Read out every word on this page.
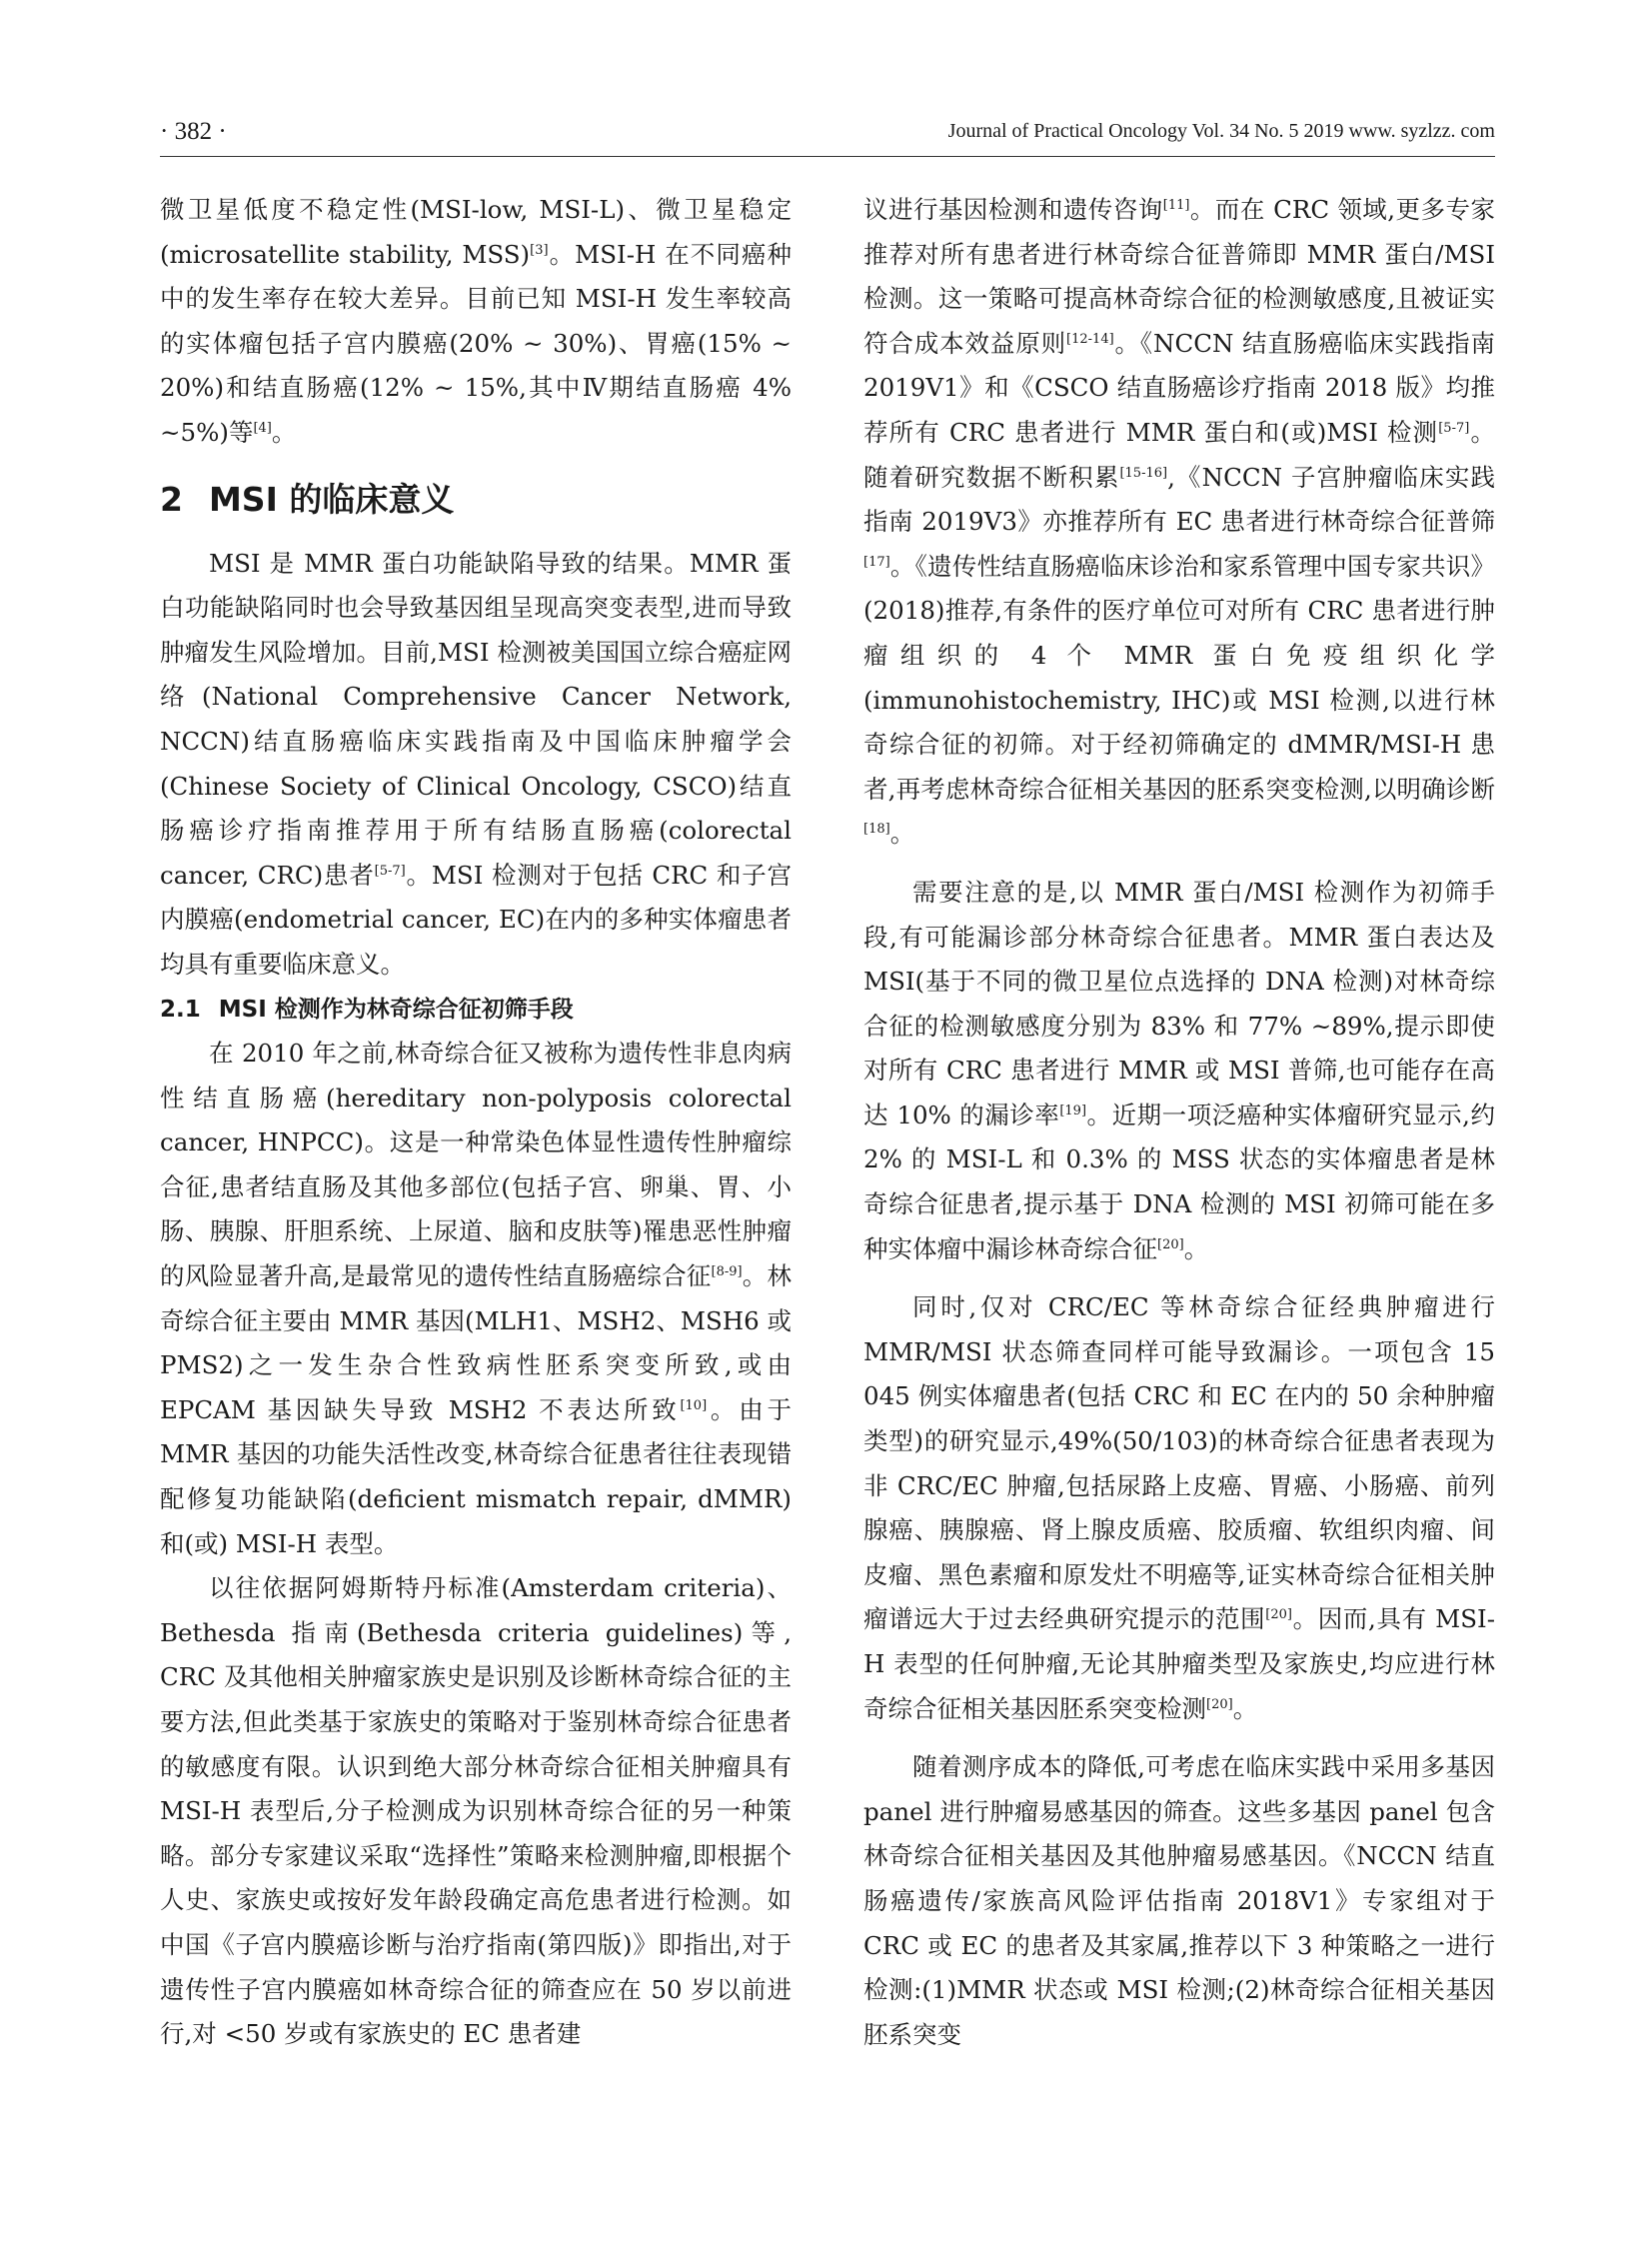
· 382 ·	Journal of Practical Oncology Vol. 34 No. 5 2019 www. syzlzz. com

微卫星低度不稳定性(MSI-low, MSI-L)、微卫星稳定(microsatellite stability, MSS)[3]。MSI-H 在不同癌种中的发生率存在较大差异。目前已知 MSI-H 发生率较高的实体瘤包括子宫内膜癌(20% ~ 30%)、胃癌(15% ~ 20%)和结直肠癌(12% ~ 15%,其中Ⅳ期结直肠癌 4% ~5%)等[4]。

2 MSI 的临床意义

MSI 是 MMR 蛋白功能缺陷导致的结果。MMR 蛋白功能缺陷同时也会导致基因组呈现高突变表型,进而导致肿瘤发生风险增加。目前,MSI 检测被美国国立综合癌症网络(National Comprehensive Cancer Network, NCCN)结直肠癌临床实践指南及中国临床肿瘤学会(Chinese Society of Clinical Oncology, CSCO)结直肠癌诊疗指南推荐用于所有结肠直肠癌(colorectal cancer, CRC)患者[5-7]。MSI 检测对于包括 CRC 和子宫内膜癌(endometrial cancer, EC)在内的多种实体瘤患者均具有重要临床意义。

2.1 MSI 检测作为林奇综合征初筛手段

在 2010 年之前,林奇综合征又被称为遗传性非息肉病性结直肠癌(hereditary non-polyposis colorectal cancer, HNPCC)。这是一种常染色体显性遗传性肿瘤综合征,患者结直肠及其他多部位(包括子宫、卵巢、胃、小肠、胰腺、肝胆系统、上尿道、脑和皮肤等)罹患恶性肿瘤的风险显著升高,是最常见的遗传性结直肠癌综合征[8-9]。林奇综合征主要由 MMR 基因(MLH1、MSH2、MSH6 或 PMS2)之一发生杂合性致病性胚系突变所致,或由 EPCAM 基因缺失导致 MSH2 不表达所致[10]。由于 MMR 基因的功能失活性改变,林奇综合征患者往往表现错配修复功能缺陷(deficient mismatch repair, dMMR)和(或) MSI-H 表型。

以往依据阿姆斯特丹标准(Amsterdam criteria)、Bethesda 指南(Bethesda criteria guidelines)等, CRC 及其他相关肿瘤家族史是识别及诊断林奇综合征的主要方法,但此类基于家族史的策略对于鉴别林奇综合征患者的敏感度有限。认识到绝大部分林奇综合征相关肿瘤具有 MSI-H 表型后,分子检测成为识别林奇综合征的另一种策略。部分专家建议采取“选择性”策略来检测肿瘤,即根据个人史、家族史或按好发年龄段确定高危患者进行检测。如中国《子宫内膜癌诊断与治疗指南(第四版)》即指出,对于遗传性子宫内膜癌如林奇综合征的筛查应在 50 岁以前进行,对 <50 岁或有家族史的 EC 患者建

议进行基因检测和遗传咨询[11]。而在 CRC 领域,更多专家推荐对所有患者进行林奇综合征普筛即 MMR 蛋白/MSI 检测。这一策略可提高林奇综合征的检测敏感度,且被证实符合成本效益原则[12-14]。《NCCN 结直肠癌临床实践指南 2019V1》和《CSCO 结直肠癌诊疗指南 2018 版》均推荐所有 CRC 患者进行 MMR 蛋白和(或)MSI 检测[5-7]。随着研究数据不断积累[15-16],《NCCN 子宫肿瘤临床实践指南 2019V3》亦推荐所有 EC 患者进行林奇综合征普筛[17]。《遗传性结直肠癌临床诊治和家系管理中国专家共识》(2018)推荐,有条件的医疗单位可对所有 CRC 患者进行肿瘤组织的 4 个 MMR 蛋白免疫组织化学(immunohistochemistry, IHC)或 MSI 检测,以进行林奇综合征的初筛。对于经初筛确定的 dMMR/MSI-H 患者,再考虑林奇综合征相关基因的胚系突变检测,以明确诊断[18]。

需要注意的是,以 MMR 蛋白/MSI 检测作为初筛手段,有可能漏诊部分林奇综合征患者。MMR 蛋白表达及 MSI(基于不同的微卫星位点选择的 DNA 检测)对林奇综合征的检测敏感度分别为 83% 和 77% ~89%,提示即使对所有 CRC 患者进行 MMR 或 MSI 普筛,也可能存在高达 10% 的漏诊率[19]。近期一项泛癌种实体瘤研究显示,约 2% 的 MSI-L 和 0.3% 的 MSS 状态的实体瘤患者是林奇综合征患者,提示基于 DNA 检测的 MSI 初筛可能在多种实体瘤中漏诊林奇综合征[20]。

同时,仅对 CRC/EC 等林奇综合征经典肿瘤进行 MMR/MSI 状态筛查同样可能导致漏诊。一项包含 15 045 例实体瘤患者(包括 CRC 和 EC 在内的 50 余种肿瘤类型)的研究显示,49%(50/103)的林奇综合征患者表现为非 CRC/EC 肿瘤,包括尿路上皮癌、胃癌、小肠癌、前列腺癌、胰腺癌、肾上腺皮质癌、胶质瘤、软组织肉瘤、间皮瘤、黑色素瘤和原发灶不明癌等,证实林奇综合征相关肿瘤谱远大于过去经典研究提示的范围[20]。因而,具有 MSI-H 表型的任何肿瘤,无论其肿瘤类型及家族史,均应进行林奇综合征相关基因胚系突变检测[20]。

随着测序成本的降低,可考虑在临床实践中采用多基因 panel 进行肿瘤易感基因的筛查。这些多基因 panel 包含林奇综合征相关基因及其他肿瘤易感基因。《NCCN 结直肠癌遗传/家族高风险评估指南 2018V1》专家组对于 CRC 或 EC 的患者及其家属,推荐以下 3 种策略之一进行检测:(1)MMR 状态或 MSI 检测;(2)林奇综合征相关基因胚系突变
